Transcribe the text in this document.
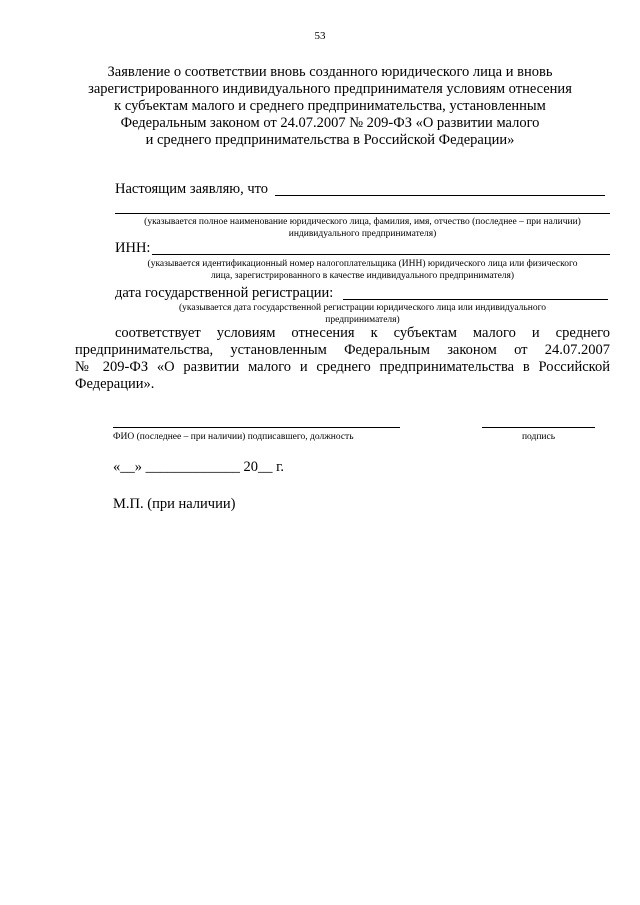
53
Заявление о соответствии вновь созданного юридического лица и вновь
зарегистрированного индивидуального предпринимателя условиям отнесения
к субъектам малого и среднего предпринимательства, установленным
Федеральным законом от 24.07.2007 № 209-ФЗ «О развитии малого
и среднего предпринимательства в Российской Федерации»
Настоящим заявляю, что
(указывается полное наименование юридического лица, фамилия, имя, отчество (последнее – при наличии)
индивидуального предпринимателя)
ИНН:
(указывается идентификационный номер налогоплательщика (ИНН) юридического лица или физического
лица, зарегистрированного в качестве индивидуального предпринимателя)
дата государственной регистрации:
(указывается дата государственной регистрации юридического лица или индивидуального
предпринимателя)
соответствует условиям отнесения к субъектам малого и среднего
предпринимательства, установленным Федеральным законом от 24.07.2007
№ 209-ФЗ «О развитии малого и среднего предпринимательства в Российской
Федерации».
ФИО (последнее – при наличии) подписавшего, должность	подпись
«__» _____________ 20__ г.
М.П. (при наличии)
